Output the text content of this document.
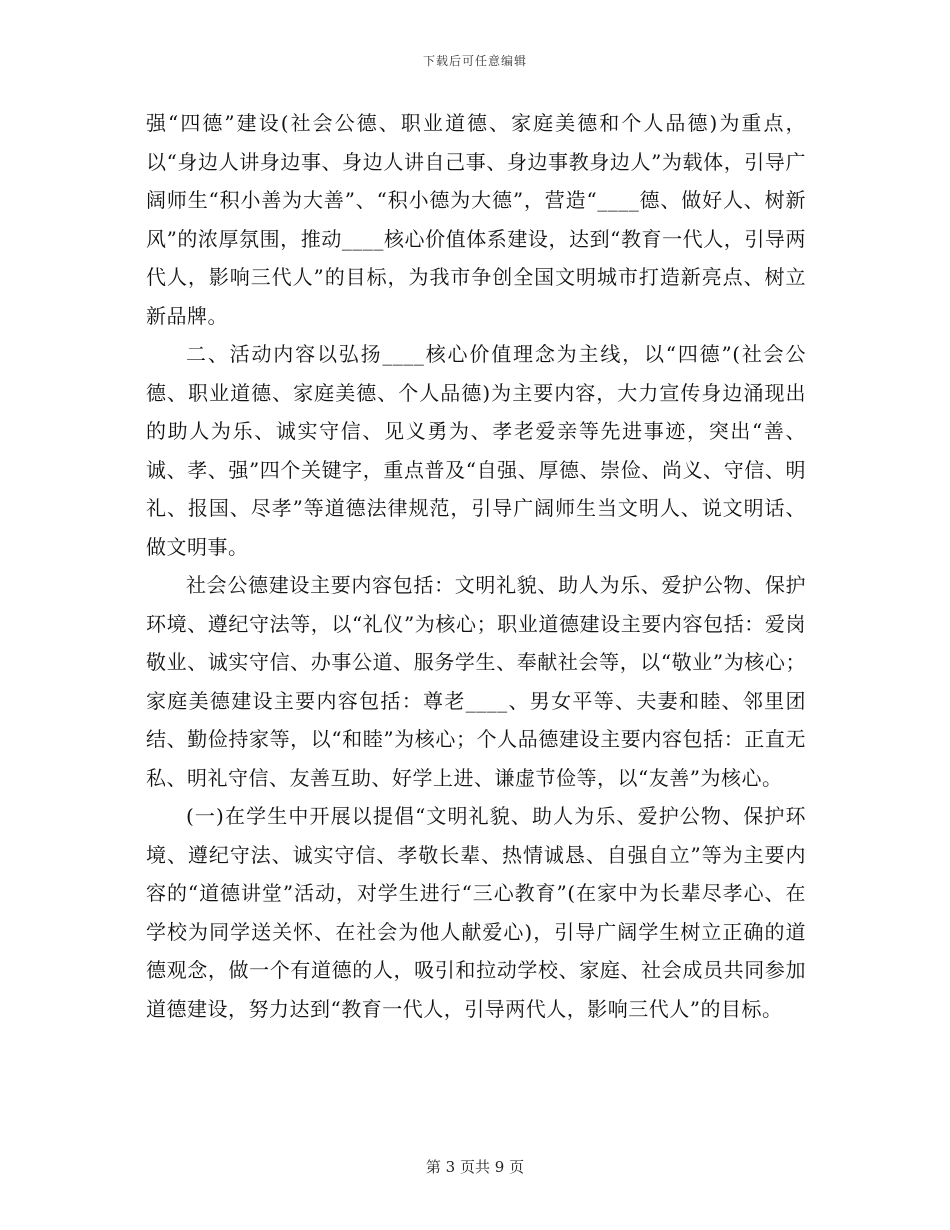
下载后可任意编辑

强“四德”建设(社会公德、职业道德、家庭美德和个人品德)为重点，以“身边人讲身边事、身边人讲自己事、身边事教身边人”为载体，引导广阔师生“积小善为大善”、“积小德为大德”，营造“____德、做好人、树新风”的浓厚氛围，推动____核心价值体系建设，达到“教育一代人，引导两代人，影响三代人”的目标，为我市争创全国文明城市打造新亮点、树立新品牌。

二、活动内容以弘扬____核心价值理念为主线，以“四德”(社会公德、职业道德、家庭美德、个人品德)为主要内容，大力宣传身边涌现出的助人为乐、诚实守信、见义勇为、孝老爱亲等先进事迹，突出“善、诚、孝、强”四个关键字，重点普及“自强、厚德、崇俭、尚义、守信、明礼、报国、尽孝”等道德法律规范，引导广阔师生当文明人、说文明话、做文明事。

社会公德建设主要内容包括：文明礼貌、助人为乐、爱护公物、保护环境、遵纪守法等，以“礼仪”为核心；职业道德建设主要内容包括：爱岗敬业、诚实守信、办事公道、服务学生、奉献社会等，以“敬业”为核心；家庭美德建设主要内容包括：尊老____、男女平等、夫妻和睦、邻里团结、勤俭持家等，以“和睦”为核心；个人品德建设主要内容包括：正直无私、明礼守信、友善互助、好学上进、谦虚节俭等，以“友善”为核心。

(一)在学生中开展以提倡“文明礼貌、助人为乐、爱护公物、保护环境、遵纪守法、诚实守信、孝敬长辈、热情诚恳、自强自立”等为主要内容的“道德讲堂”活动，对学生进行“三心教育”(在家中为长辈尽孝心、在学校为同学送关怀、在社会为他人献爱心)，引导广阔学生树立正确的道德观念，做一个有道德的人，吸引和拉动学校、家庭、社会成员共同参加道德建设，努力达到“教育一代人，引导两代人，影响三代人”的目标。

第 3 页共 9 页
